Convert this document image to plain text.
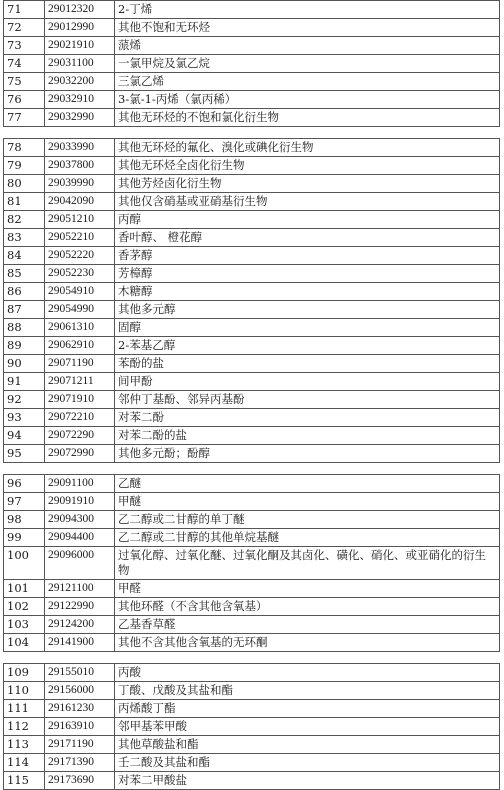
71	29012320	2-丁烯
72	29012990	其他不饱和无环烃
73	29021910	蒎烯
74	29031100	一氯甲烷及氯乙烷
75	29032200	三氯乙烯
76	29032910	3-氯-1-丙烯（氯丙稀）
77	29032990	其他无环烃的不饱和氯化衍生物
78	29033990	其他无环烃的氟化、溴化或碘化衍生物
79	29037800	其他无环烃全卤化衍生物
80	29039990	其他芳烃卤化衍生物
81	29042090	其他仅含硝基或亚硝基衍生物
82	29051210	丙醇
83	29052210	香叶醇、 橙花醇
84	29052220	香茅醇
85	29052230	芳樟醇
86	29054910	木糖醇
87	29054990	其他多元醇
88	29061310	固醇
89	29062910	2-苯基乙醇
90	29071190	苯酚的盐
91	29071211	间甲酚
92	29071910	邻仲丁基酚、邻异丙基酚
93	29072210	对苯二酚
94	29072290	对苯二酚的盐
95	29072990	其他多元酚；酚醇
96	29091100	乙醚
97	29091910	甲醚
98	29094300	乙二醇或二甘醇的单丁醚
99	29094400	乙二醇或二甘醇的其他单烷基醚
100	29096000	过氧化醇、过氧化醚、过氧化酮及其卤化、磺化、硝化、或亚硝化的衍生物
101	29121100	甲醛
102	29122990	其他环醛（不含其他含氧基）
103	29124200	乙基香草醛
104	29141900	其他不含其他含氧基的无环酮
109	29155010	丙酸
110	29156000	丁酸、戊酸及其盐和酯
111	29161230	丙烯酸丁酯
112	29163910	邻甲基苯甲酸
113	29171190	其他草酸盐和酯
114	29171390	壬二酸及其盐和酯
115	29173690	对苯二甲酸盐
